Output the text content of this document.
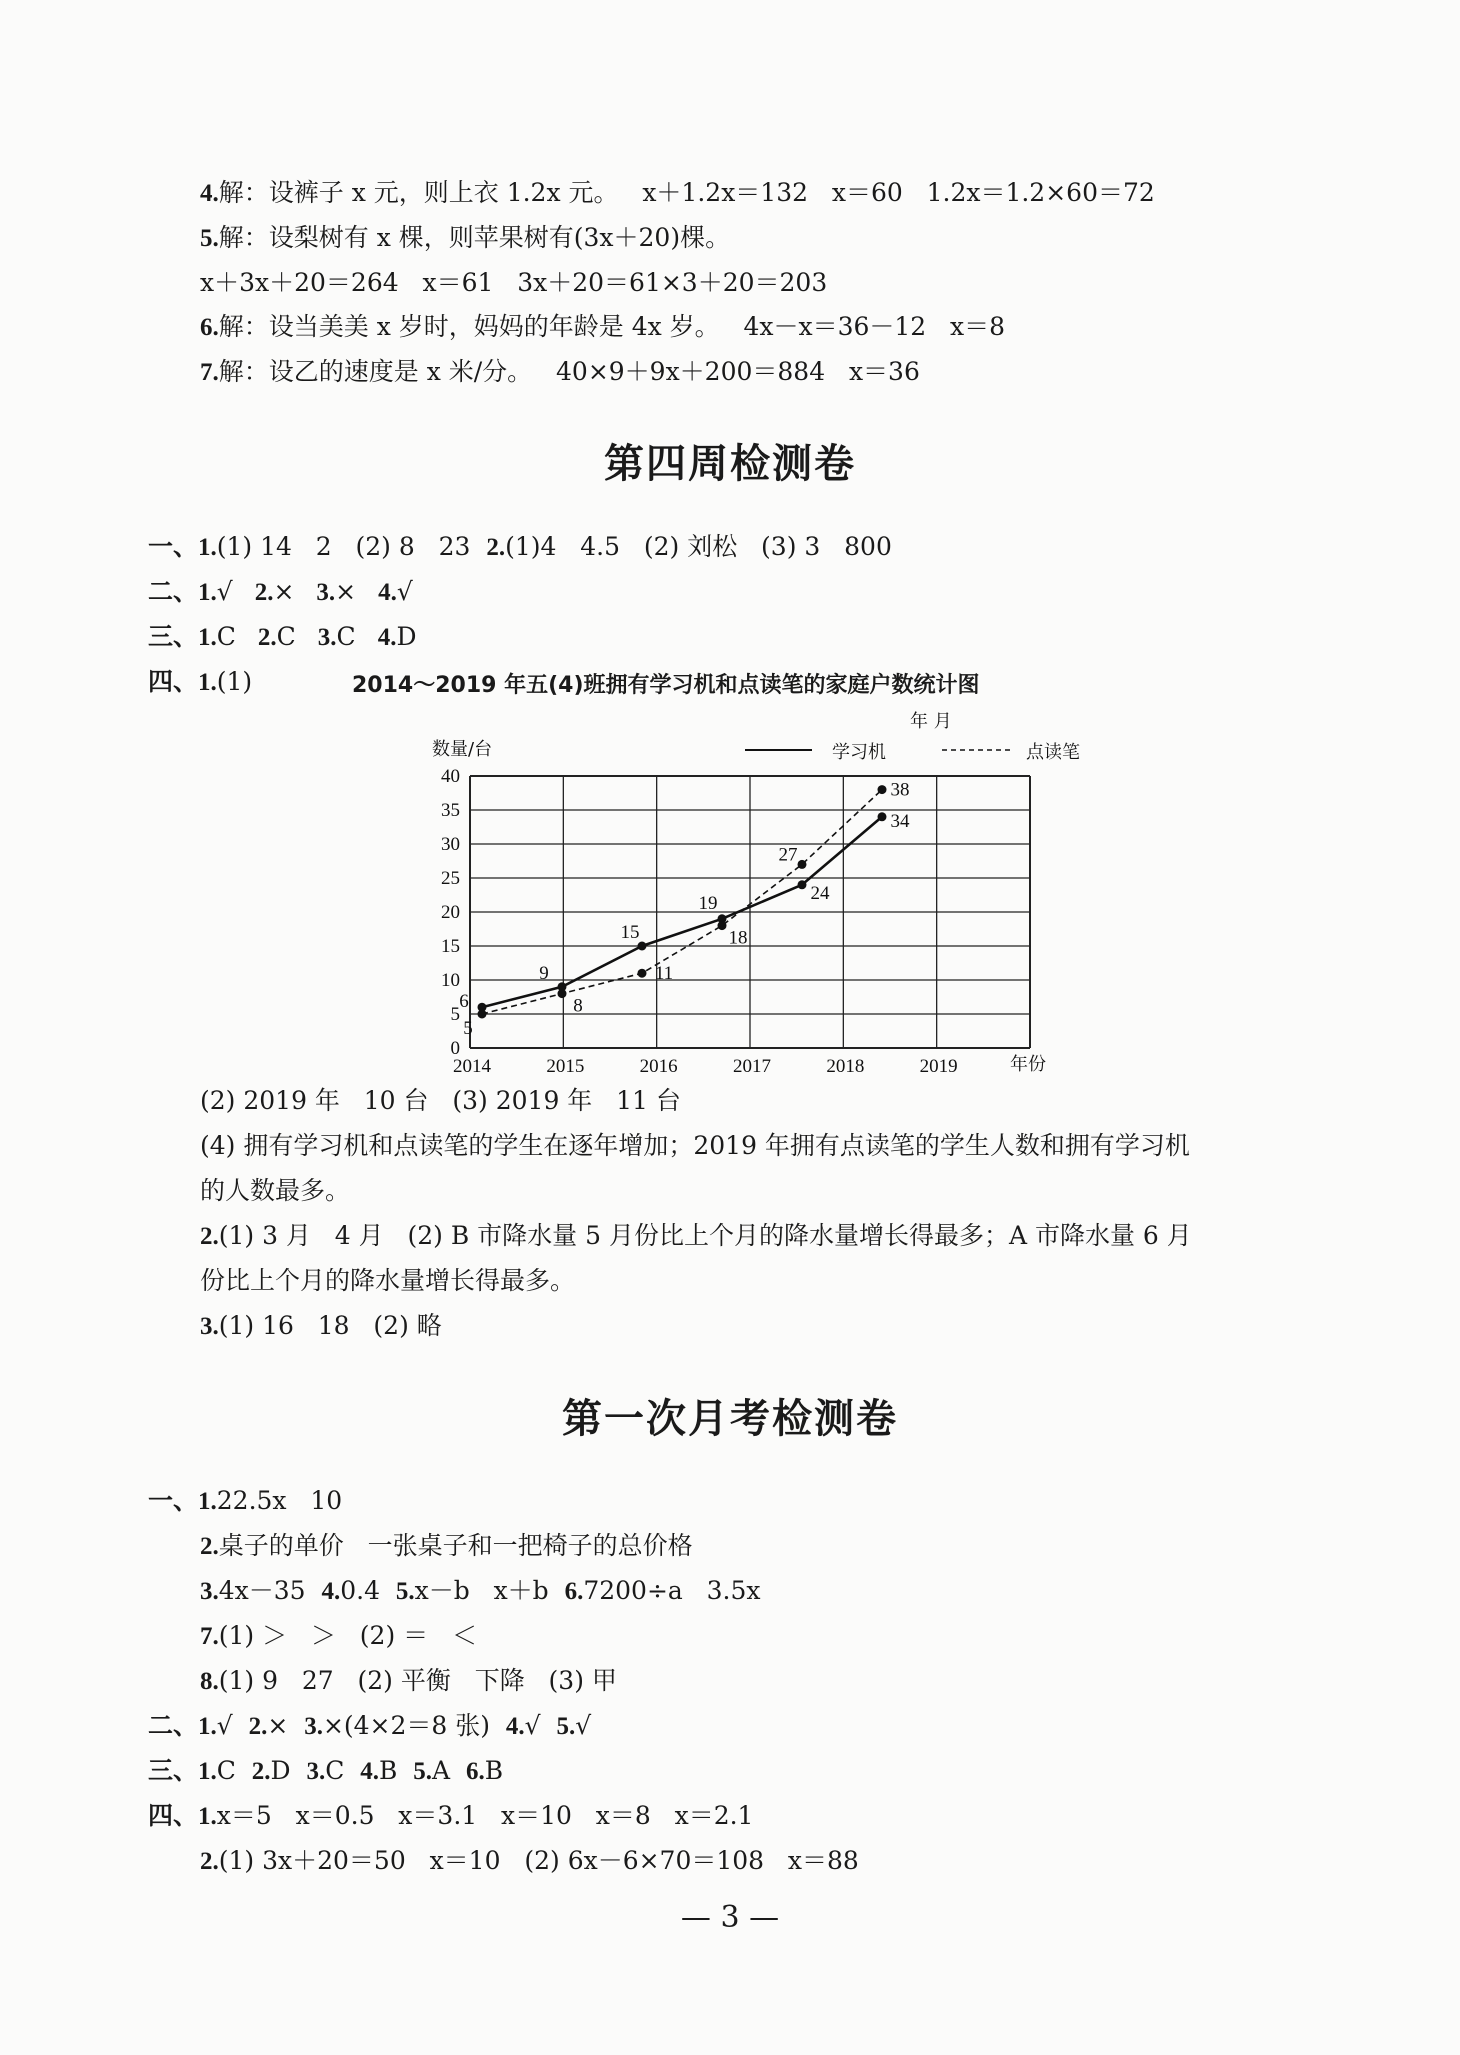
4.解：设裤子 x 元，则上衣 1.2x 元。   x＋1.2x＝132   x＝60   1.2x＝1.2×60＝72
5.解：设梨树有 x 棵，则苹果树有(3x＋20)棵。
x＋3x＋20＝264   x＝61   3x＋20＝61×3＋20＝203
6.解：设当美美 x 岁时，妈妈的年龄是 4x 岁。   4x－x＝36－12   x＝8
7.解：设乙的速度是 x 米/分。   40×9＋9x＋200＝884   x＝36
第四周检测卷
一、1.(1) 14   2   (2) 8   23  2.(1)4   4.5   (2) 刘松   (3) 3   800
二、1.√ 2.× 3.× 4.√
三、1.C 2.C 3.C 4.D
四、1.(1)	2014～2019 年五(4)班拥有学习机和点读笔的家庭户数统计图
年 月
数量/台
年份
学习机	点读笔
0
5
10
15
20
25
30
35
40
2014	2015	2016	2017	2018	2019
6
9
15
19	24
34
5
8
11
18
27
38
(2) 2019 年   10 台   (3) 2019 年   11 台
(4) 拥有学习机和点读笔的学生在逐年增加；2019 年拥有点读笔的学生人数和拥有学习机
的人数最多。
2.(1) 3 月   4 月   (2) B 市降水量 5 月份比上个月的降水量增长得最多；A 市降水量 6 月
份比上个月的降水量增长得最多。
3.(1) 16   18   (2) 略
第一次月考检测卷
一、1.22.5x   10
2.桌子的单价   一张桌子和一把椅子的总价格
3.4x－35  4.0.4  5.x－b   x＋b  6.7200÷a   3.5x
7.(1) ＞   ＞   (2) ＝   ＜
8.(1) 9   27   (2) 平衡   下降   (3) 甲
二、1.√  2.×  3.×(4×2＝8 张)  4.√  5.√
三、1.C  2.D  3.C  4.B  5.A  6.B
四、1.x＝5   x＝0.5   x＝3.1   x＝10   x＝8   x＝2.1
2.(1) 3x＋20＝50   x＝10   (2) 6x－6×70＝108   x＝88
— 3 —
